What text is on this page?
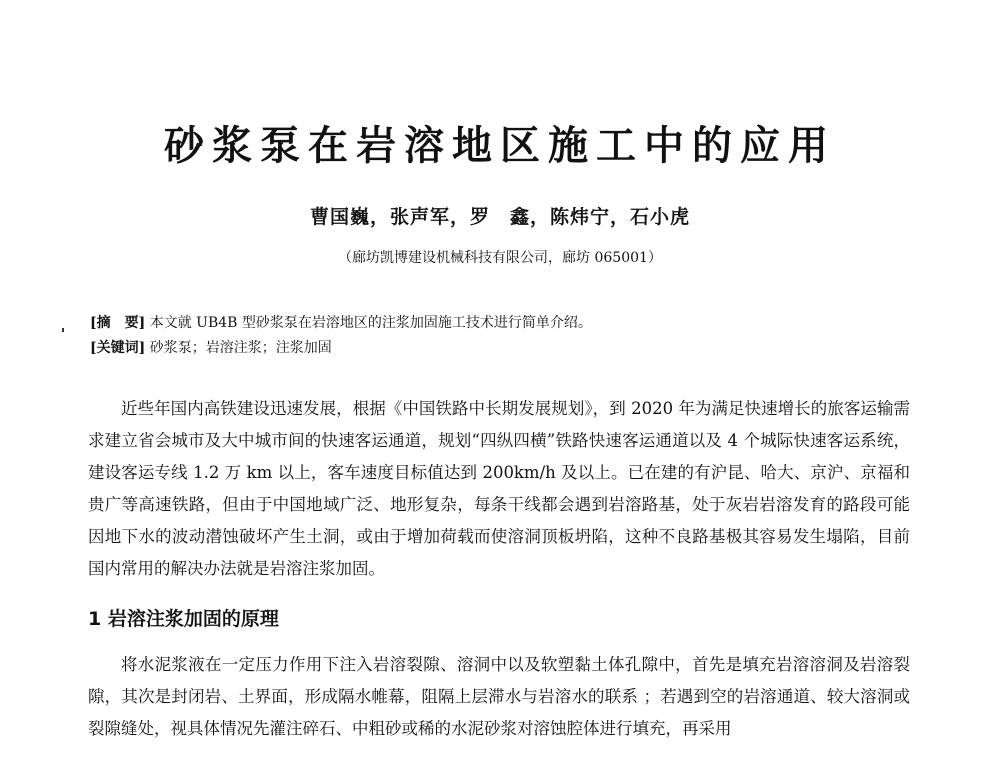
砂浆泵在岩溶地区施工中的应用
曹国巍，张声军，罗　鑫，陈炜宁，石小虎
（廊坊凯博建设机械科技有限公司，廊坊 065001）
[摘　要] 本文就 UB4B 型砂浆泵在岩溶地区的注浆加固施工技术进行简单介绍。
[关键词] 砂浆泵；岩溶注浆；注浆加固

近些年国内高铁建设迅速发展，根据《中国铁路中长期发展规划》，到 2020 年为满足快速增长的旅客运输需求建立省会城市及大中城市间的快速客运通道，规划“四纵四横”铁路快速客运通道以及 4 个城际快速客运系统，建设客运专线 1.2 万 km 以上，客车速度目标值达到 200km/h 及以上。已在建的有沪昆、哈大、京沪、京福和贵广等高速铁路，但由于中国地域广泛、地形复杂，每条干线都会遇到岩溶路基，处于灰岩岩溶发育的路段可能因地下水的波动潜蚀破坏产生土洞，或由于增加荷载而使溶洞顶板坍陷，这种不良路基极其容易发生塌陷，目前国内常用的解决办法就是岩溶注浆加固。

1 岩溶注浆加固的原理

将水泥浆液在一定压力作用下注入岩溶裂隙、溶洞中以及软塑黏土体孔隙中，首先是填充岩溶溶洞及岩溶裂隙，其次是封闭岩、土界面，形成隔水帷幕，阻隔上层滞水与岩溶水的联系 ；若遇到空的岩溶通道、较大溶洞或裂隙缝处，视具体情况先灌注碎石、中粗砂或稀的水泥砂浆对溶蚀腔体进行填充，再采用
